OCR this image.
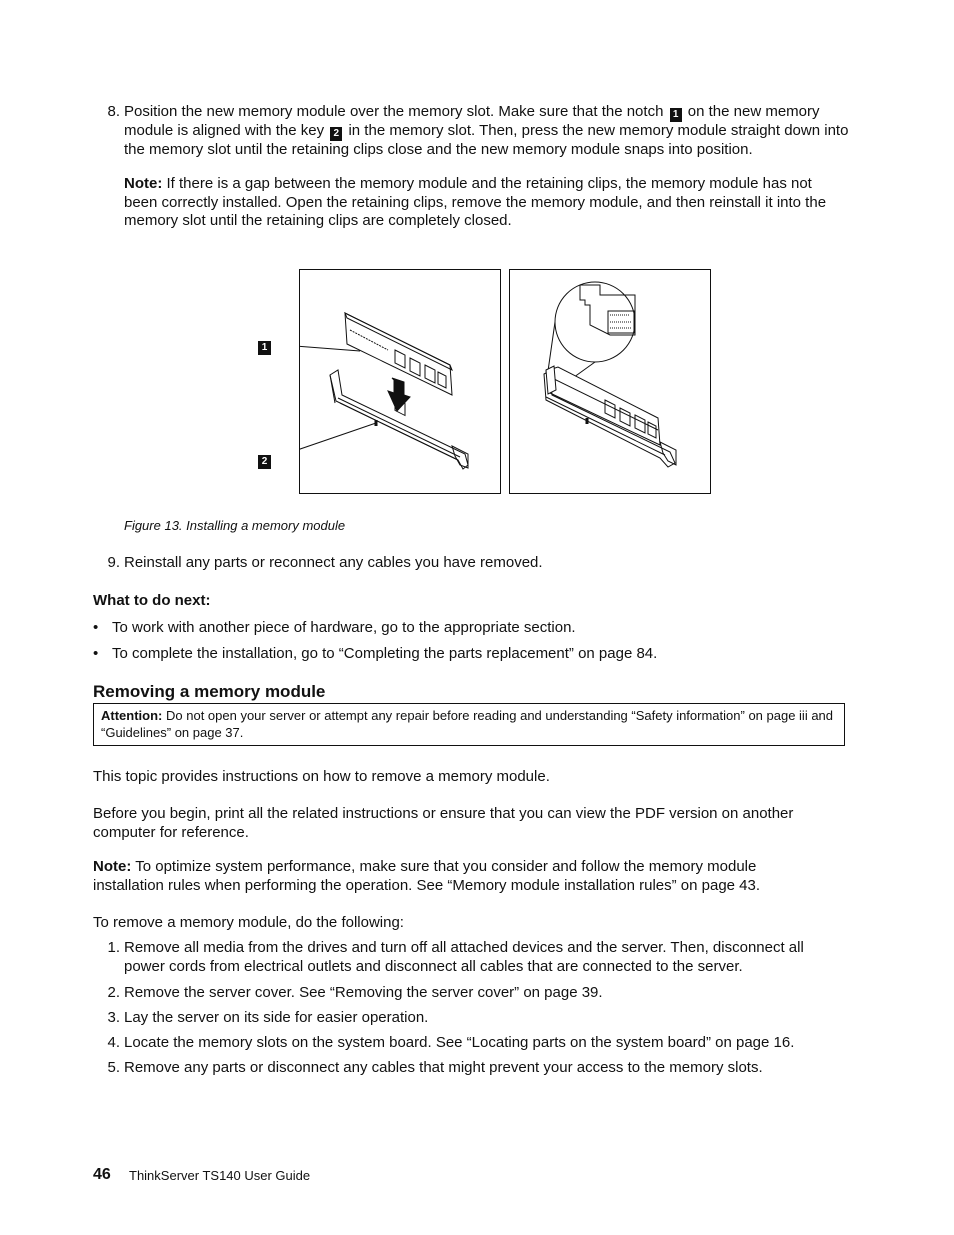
8. Position the new memory module over the memory slot. Make sure that the notch 1 on the new memory module is aligned with the key 2 in the memory slot. Then, press the new memory module straight down into the memory slot until the retaining clips close and the new memory module snaps into position.
Note: If there is a gap between the memory module and the retaining clips, the memory module has not been correctly installed. Open the retaining clips, remove the memory module, and then reinstall it into the memory slot until the retaining clips are completely closed.
1
2
Figure 13. Installing a memory module
9. Reinstall any parts or reconnect any cables you have removed.
What to do next:
• To work with another piece of hardware, go to the appropriate section.
• To complete the installation, go to “Completing the parts replacement” on page 84.
Removing a memory module
Attention: Do not open your server or attempt any repair before reading and understanding “Safety information” on page iii and “Guidelines” on page 37.
This topic provides instructions on how to remove a memory module.
Before you begin, print all the related instructions or ensure that you can view the PDF version on another computer for reference.
Note: To optimize system performance, make sure that you consider and follow the memory module installation rules when performing the operation. See “Memory module installation rules” on page 43.
To remove a memory module, do the following:
1. Remove all media from the drives and turn off all attached devices and the server. Then, disconnect all power cords from electrical outlets and disconnect all cables that are connected to the server.
2. Remove the server cover. See “Removing the server cover” on page 39.
3. Lay the server on its side for easier operation.
4. Locate the memory slots on the system board. See “Locating parts on the system board” on page 16.
5. Remove any parts or disconnect any cables that might prevent your access to the memory slots.
46 ThinkServer TS140 User Guide
